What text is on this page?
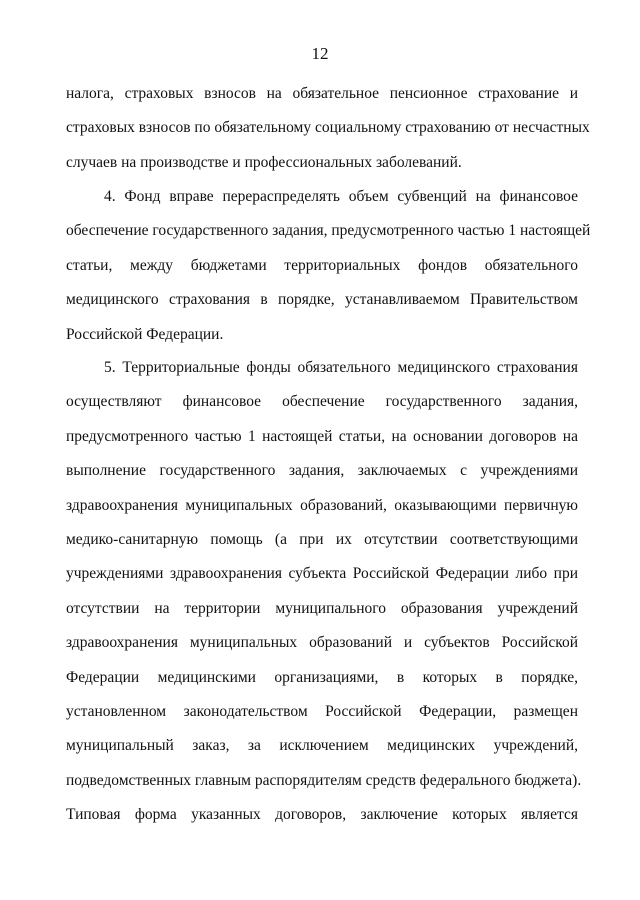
12
налога, страховых взносов на обязательное пенсионное страхование и
страховых взносов по обязательному социальному страхованию от несчастных
случаев на производстве и профессиональных заболеваний.
4. Фонд вправе перераспределять объем субвенций на финансовое
обеспечение государственного задания, предусмотренного частью 1 настоящей
статьи, между бюджетами территориальных фондов обязательного
медицинского страхования в порядке, устанавливаемом Правительством
Российской Федерации.
5. Территориальные фонды обязательного медицинского страхования
осуществляют финансовое обеспечение государственного задания,
предусмотренного частью 1 настоящей статьи, на основании договоров на
выполнение государственного задания, заключаемых с учреждениями
здравоохранения муниципальных образований, оказывающими первичную
медико-санитарную помощь (а при их отсутствии соответствующими
учреждениями здравоохранения субъекта Российской Федерации либо при
отсутствии на территории муниципального образования учреждений
здравоохранения муниципальных образований и субъектов Российской
Федерации медицинскими организациями, в которых в порядке,
установленном законодательством Российской Федерации, размещен
муниципальный заказ, за исключением медицинских учреждений,
подведомственных главным распорядителям средств федерального бюджета).
Типовая форма указанных договоров, заключение которых является
